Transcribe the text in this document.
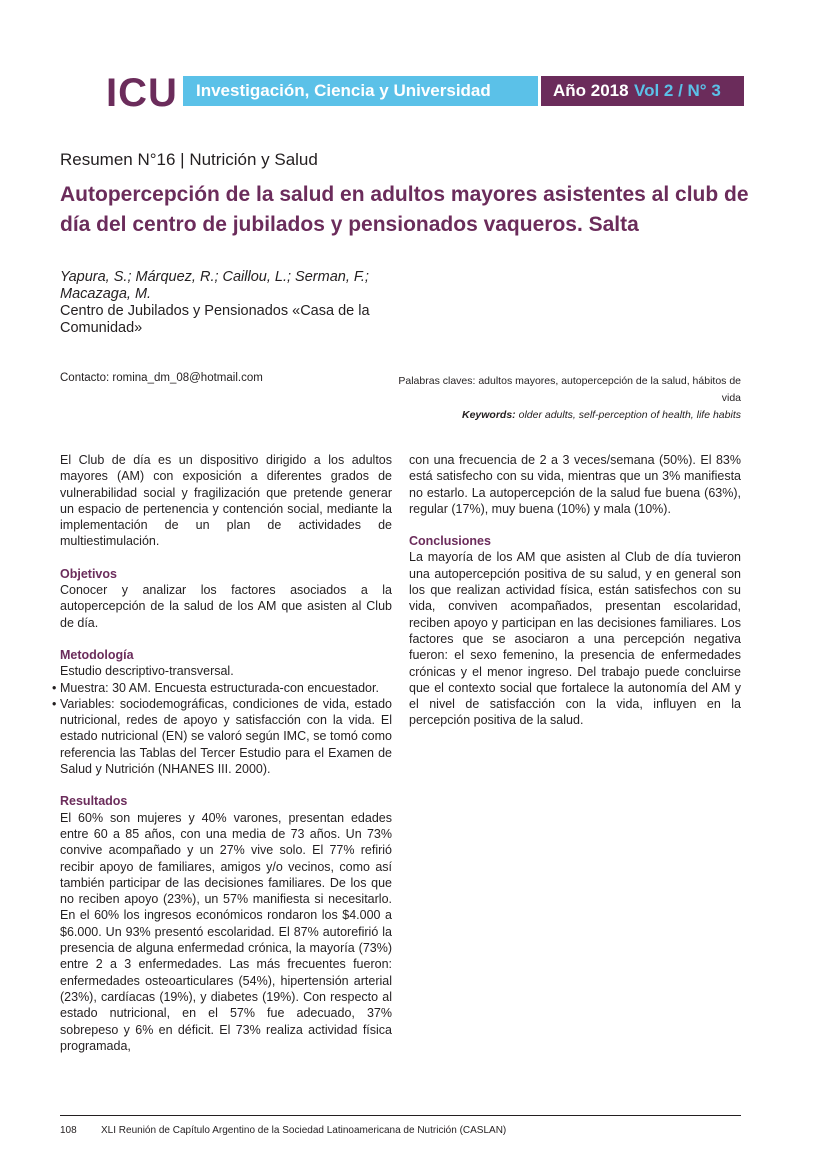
ICU Investigación, Ciencia y Universidad	Año 2018 Vol 2 / N° 3
Resumen N°16 | Nutrición y Salud
Autopercepción de la salud en adultos mayores asistentes al club de día del centro de jubilados y pensionados vaqueros. Salta
Yapura, S.; Márquez, R.; Caillou, L.; Serman, F.; Macazaga, M.
Centro de Jubilados y Pensionados «Casa de la Comunidad»
Contacto: romina_dm_08@hotmail.com	Palabras claves: adultos mayores, autopercepción de la salud, hábitos de vida
Keywords: older adults, self-perception of health, life habits

El Club de día es un dispositivo dirigido a los adultos mayores (AM) con exposición a diferentes grados de vulnerabilidad social y fragilización que pretende generar un espacio de pertenencia y contención social, mediante la implementación de un plan de actividades de multiestimulación.

Objetivos

Conocer y analizar los factores asociados a la autopercepción de la salud de los AM que asisten al Club de día.

Metodología

Estudio descriptivo-transversal.

• Muestra: 30 AM. Encuesta estructurada-con encuestador.

• Variables: sociodemográficas, condiciones de vida, estado nutricional, redes de apoyo y satisfacción con la vida. El estado nutricional (EN) se valoró según IMC, se tomó como referencia las Tablas del Tercer Estudio para el Examen de Salud y Nutrición (NHANES III. 2000).

Resultados

El 60% son mujeres y 40% varones, presentan edades entre 60 a 85 años, con una media de 73 años. Un 73% convive acompañado y un 27% vive solo. El 77% refirió recibir apoyo de familiares, amigos y/o vecinos, como así también participar de las decisiones familiares. De los que no reciben apoyo (23%), un 57% manifiesta si necesitarlo. En el 60% los ingresos económicos rondaron los $4.000 a $6.000. Un 93% presentó escolaridad. El 87% autorefirió la presencia de alguna enfermedad crónica, la mayoría (73%) entre 2 a 3 enfermedades. Las más frecuentes fueron: enfermedades osteoarticulares (54%), hipertensión arterial (23%), cardíacas (19%), y diabetes (19%). Con respecto al estado nutricional, en el 57% fue adecuado, 37% sobrepeso y 6% en déficit. El 73% realiza actividad física programada,

con una frecuencia de 2 a 3 veces/semana (50%). El 83% está satisfecho con su vida, mientras que un 3% manifiesta no estarlo. La autopercepción de la salud fue buena (63%), regular (17%), muy buena (10%) y mala (10%).

Conclusiones

La mayoría de los AM que asisten al Club de día tuvieron una autopercepción positiva de su salud, y en general son los que realizan actividad física, están satisfechos con su vida, conviven acompañados, presentan escolaridad, reciben apoyo y participan en las decisiones familiares. Los factores que se asociaron a una percepción negativa fueron: el sexo femenino, la presencia de enfermedades crónicas y el menor ingreso. Del trabajo puede concluirse que el contexto social que fortalece la autonomía del AM y el nivel de satisfacción con la vida, influyen en la percepción positiva de la salud.

108 XLI Reunión de Capítulo Argentino de la Sociedad Latinoamericana de Nutrición (CASLAN)
